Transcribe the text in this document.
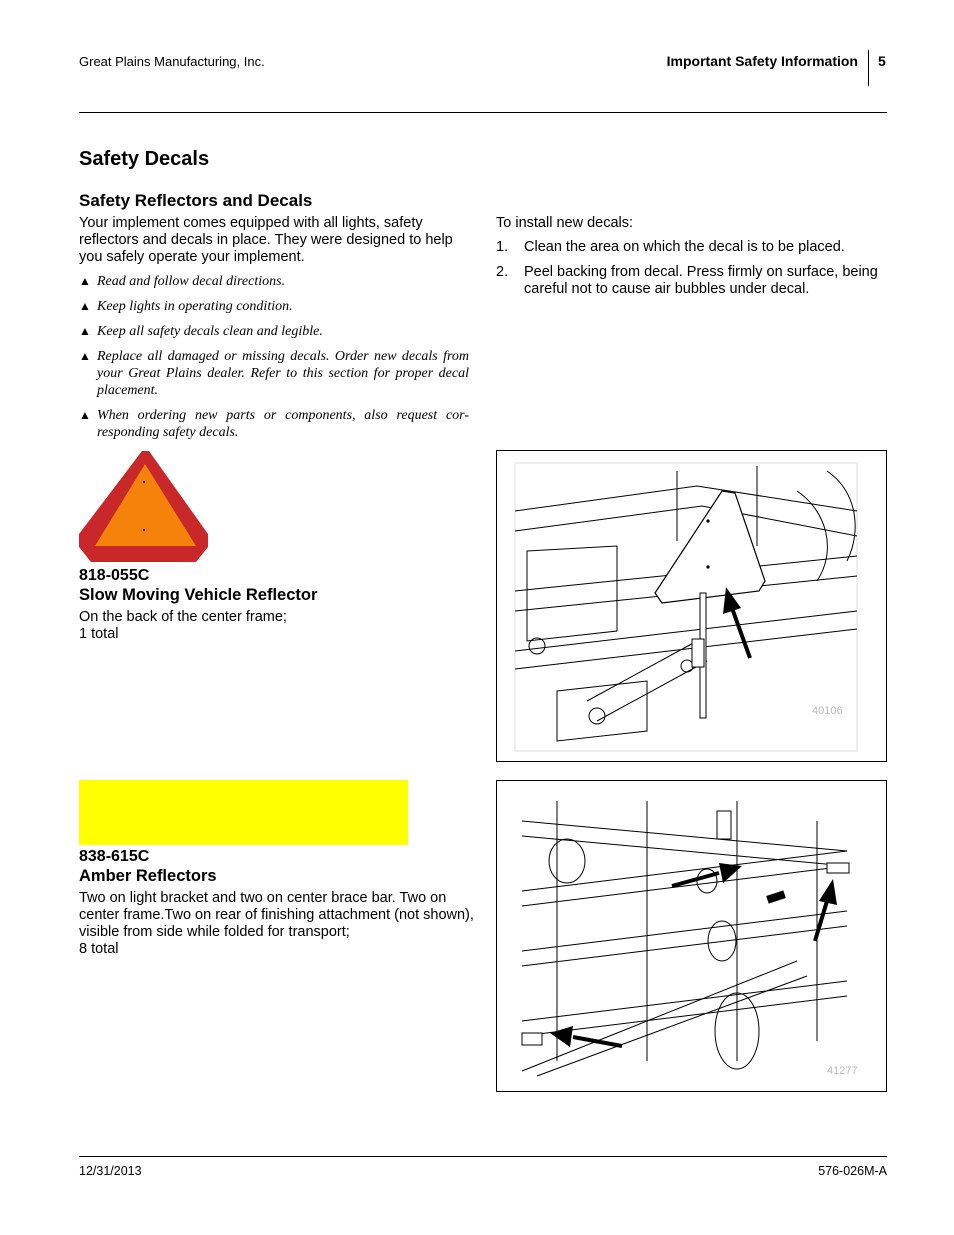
Great Plains Manufacturing, Inc.	Important Safety Information 5
Safety Decals
Safety Reflectors and Decals
Your implement comes equipped with all lights, safety reflectors and decals in place. They were designed to help you safely operate your implement.
▲ Read and follow decal directions.
▲ Keep lights in operating condition.
▲ Keep all safety decals clean and legible.
▲ Replace all damaged or missing decals. Order new decals from your Great Plains dealer. Refer to this section for proper decal placement.
▲ When ordering new parts or components, also request cor-responding safety decals.
To install new decals:
1. Clean the area on which the decal is to be placed.
2. Peel backing from decal. Press firmly on surface, being careful not to cause air bubbles under decal.
818-055C
Slow Moving Vehicle Reflector
On the back of the center frame;
1 total
838-615C
Amber Reflectors
Two on light bracket and two on center brace bar. Two on center frame.Two on rear of finishing attachment (not shown), visible from side while folded for transport;
8 total
40106
41277
12/31/2013	576-026M-A
